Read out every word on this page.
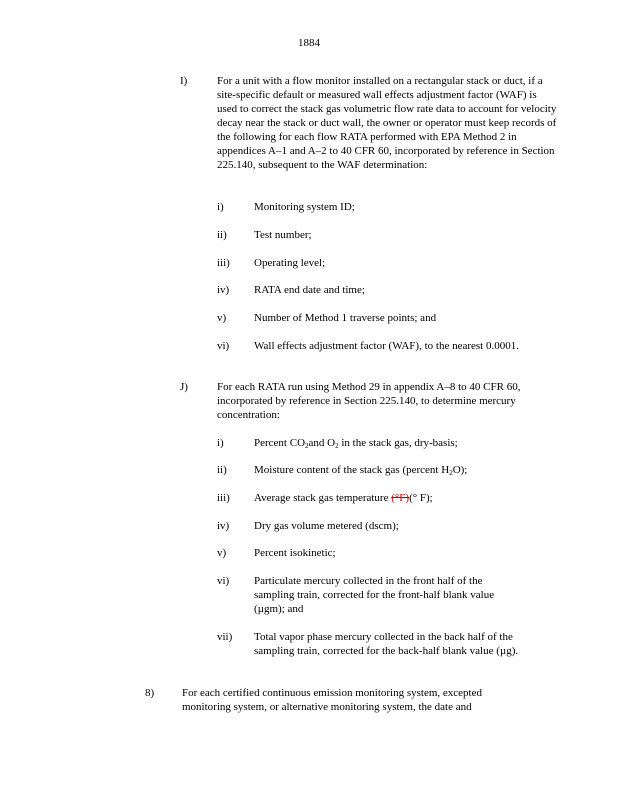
1884
I)	For a unit with a flow monitor installed on a rectangular stack or duct, if a site-specific default or measured wall effects adjustment factor (WAF) is used to correct the stack gas volumetric flow rate data to account for velocity decay near the stack or duct wall, the owner or operator must keep records of the following for each flow RATA performed with EPA Method 2 in appendices A–1 and A–2 to 40 CFR 60, incorporated by reference in Section 225.140, subsequent to the WAF determination:
i)	Monitoring system ID;
ii)	Test number;
iii)	Operating level;
iv)	RATA end date and time;
v)	Number of Method 1 traverse points; and
vi)	Wall effects adjustment factor (WAF), to the nearest 0.0001.
J)	For each RATA run using Method 29 in appendix A–8 to 40 CFR 60, incorporated by reference in Section 225.140, to determine mercury concentration:
i)	Percent $CO_2and$ $O_2$ in the stack gas, dry-basis;
ii)	Moisture content of the stack gas (percent $H_2O$);
iii)	Average stack gas temperature (°F)(° F);
iv)	Dry gas volume metered (dscm);
v)	Percent isokinetic;
vi)	Particulate mercury collected in the front half of the sampling train, corrected for the front-half blank value (µgm); and
vii)	Total vapor phase mercury collected in the back half of the sampling train, corrected for the back-half blank value (µg).
8)	For each certified continuous emission monitoring system, excepted monitoring system, or alternative monitoring system, the date and
